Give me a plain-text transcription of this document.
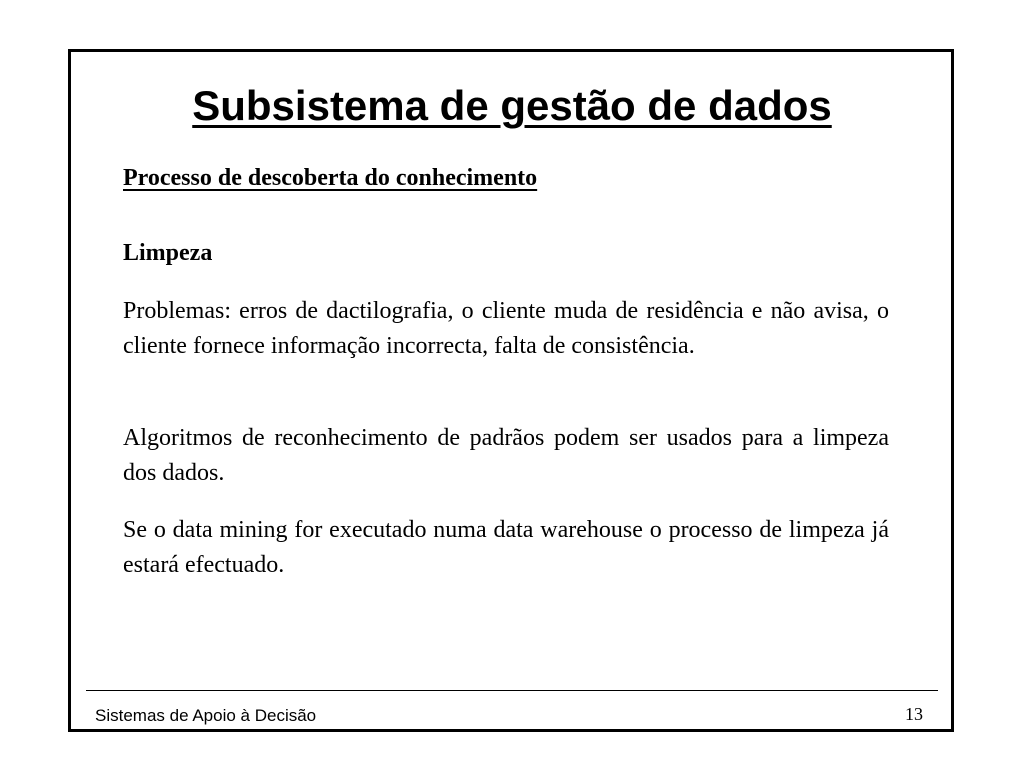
Subsistema de gestão de dados
Processo de descoberta do conhecimento
Limpeza
Problemas: erros de dactilografia, o cliente muda de residência e não avisa, o cliente fornece informação incorrecta, falta de consistência.
Algoritmos de reconhecimento de padrãos podem ser usados para a limpeza dos dados.
Se o data mining for executado numa data warehouse o processo de limpeza já estará efectuado.
Sistemas de Apoio à Decisão	13
